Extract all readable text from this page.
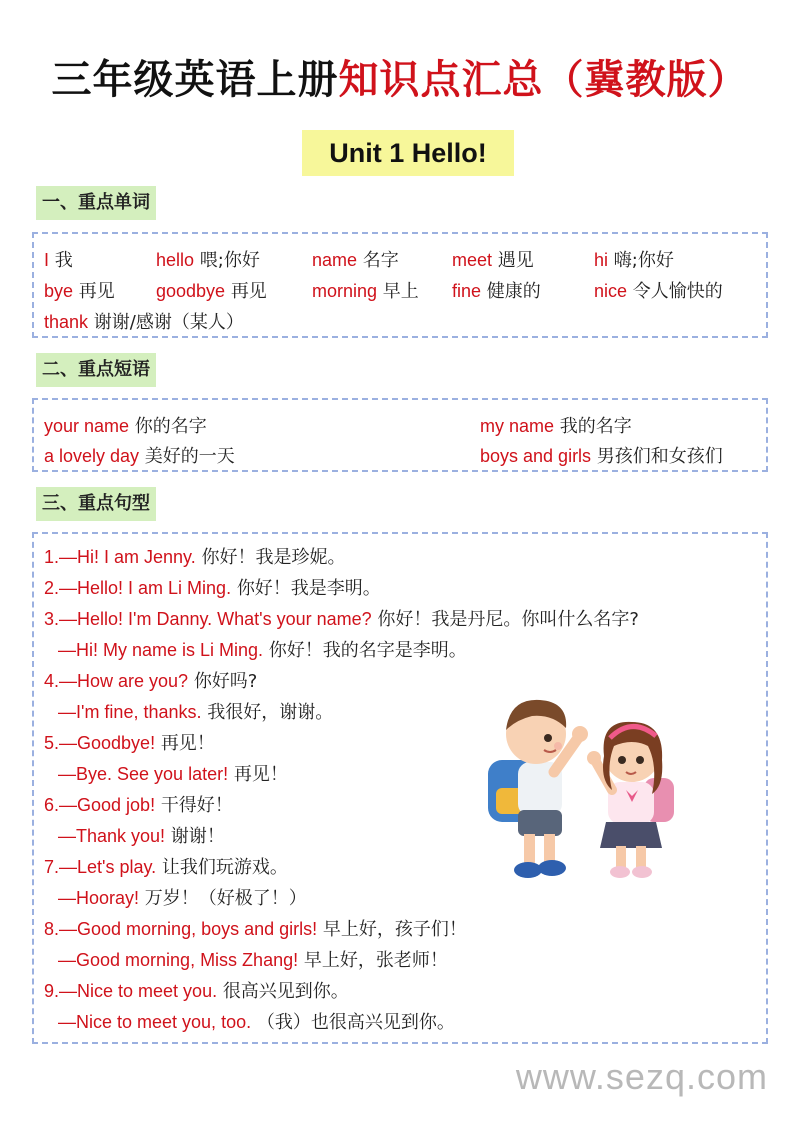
三年级英语上册知识点汇总（冀教版）
Unit 1 Hello!
一、重点单词
I 我	hello 喂;你好	name 名字	meet 遇见	hi 嗨;你好
bye 再见 goodbye 再见	morning 早上 fine 健康的	nice 令人愉快的
thank 谢谢/感谢（某人）
二、重点短语
your name 你的名字	my name 我的名字
a lovely day 美好的一天	boys and girls 男孩们和女孩们
三、重点句型
1.—Hi! I am Jenny. 你好！我是珍妮。
2.—Hello! I am Li Ming. 你好！我是李明。
3.—Hello! I'm Danny. What's your name? 你好！我是丹尼。你叫什么名字?
—Hi! My name is Li Ming. 你好！我的名字是李明。
4.—How are you? 你好吗?
—I'm fine, thanks. 我很好，谢谢。
5.—Goodbye! 再见！
—Bye. See you later! 再见！
6.—Good job! 干得好！
—Thank you! 谢谢！
7.—Let's play. 让我们玩游戏。
—Hooray! 万岁！（好极了！）
8.—Good morning, boys and girls! 早上好，孩子们！
—Good morning, Miss Zhang! 早上好，张老师！
9.—Nice to meet you. 很高兴见到你。
—Nice to meet you, too. （我）也很高兴见到你。
www.sezq.com
